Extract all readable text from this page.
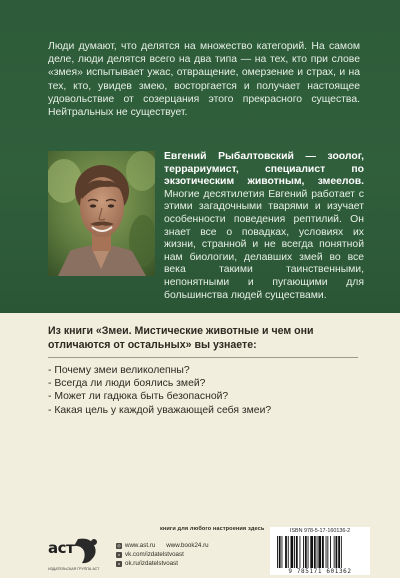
Люди думают, что делятся на множество категорий. На самом деле, люди делятся всего на два типа — на тех, кто при слове «змея» испытывает ужас, отвращение, омерзение и страх, и на тех, кто, увидев змею, восторгается и получает настоящее удовольствие от созерцания этого прекрасного существа. Нейтральных не существует.

Евгений Рыбалтовский — зоолог, террариумист, специалист по экзотическим животным, змеелов. Многие десятилетия Евгений работает с этими загадочными тварями и изучает особенности поведения рептилий. Он знает все о повадках, условиях их жизни, странной и не всегда понятной нам биологии, делавших змей во все века такими таинственными, непонятными и пугающими для большинства людей существами.

Из книги «Змеи. Мистические животные и чем они отличаются от остальных» вы узнаете:

- Почему змеи великолепны?
- Всегда ли люди боялись змей?
- Может ли гадюка быть безопасной?
- Какая цель у каждой уважающей себя змеи?
книги для любого настроения здесь
аст
ИЗДАТЕЛЬСКАЯ ГРУППА АСТ
◎ www.ast.ru www.book24.ru
v vk.com/izdatelstvoast
o ok.ru/izdatelstvoast
ISBN 978-5-17-160136-2
9 785171 601362
